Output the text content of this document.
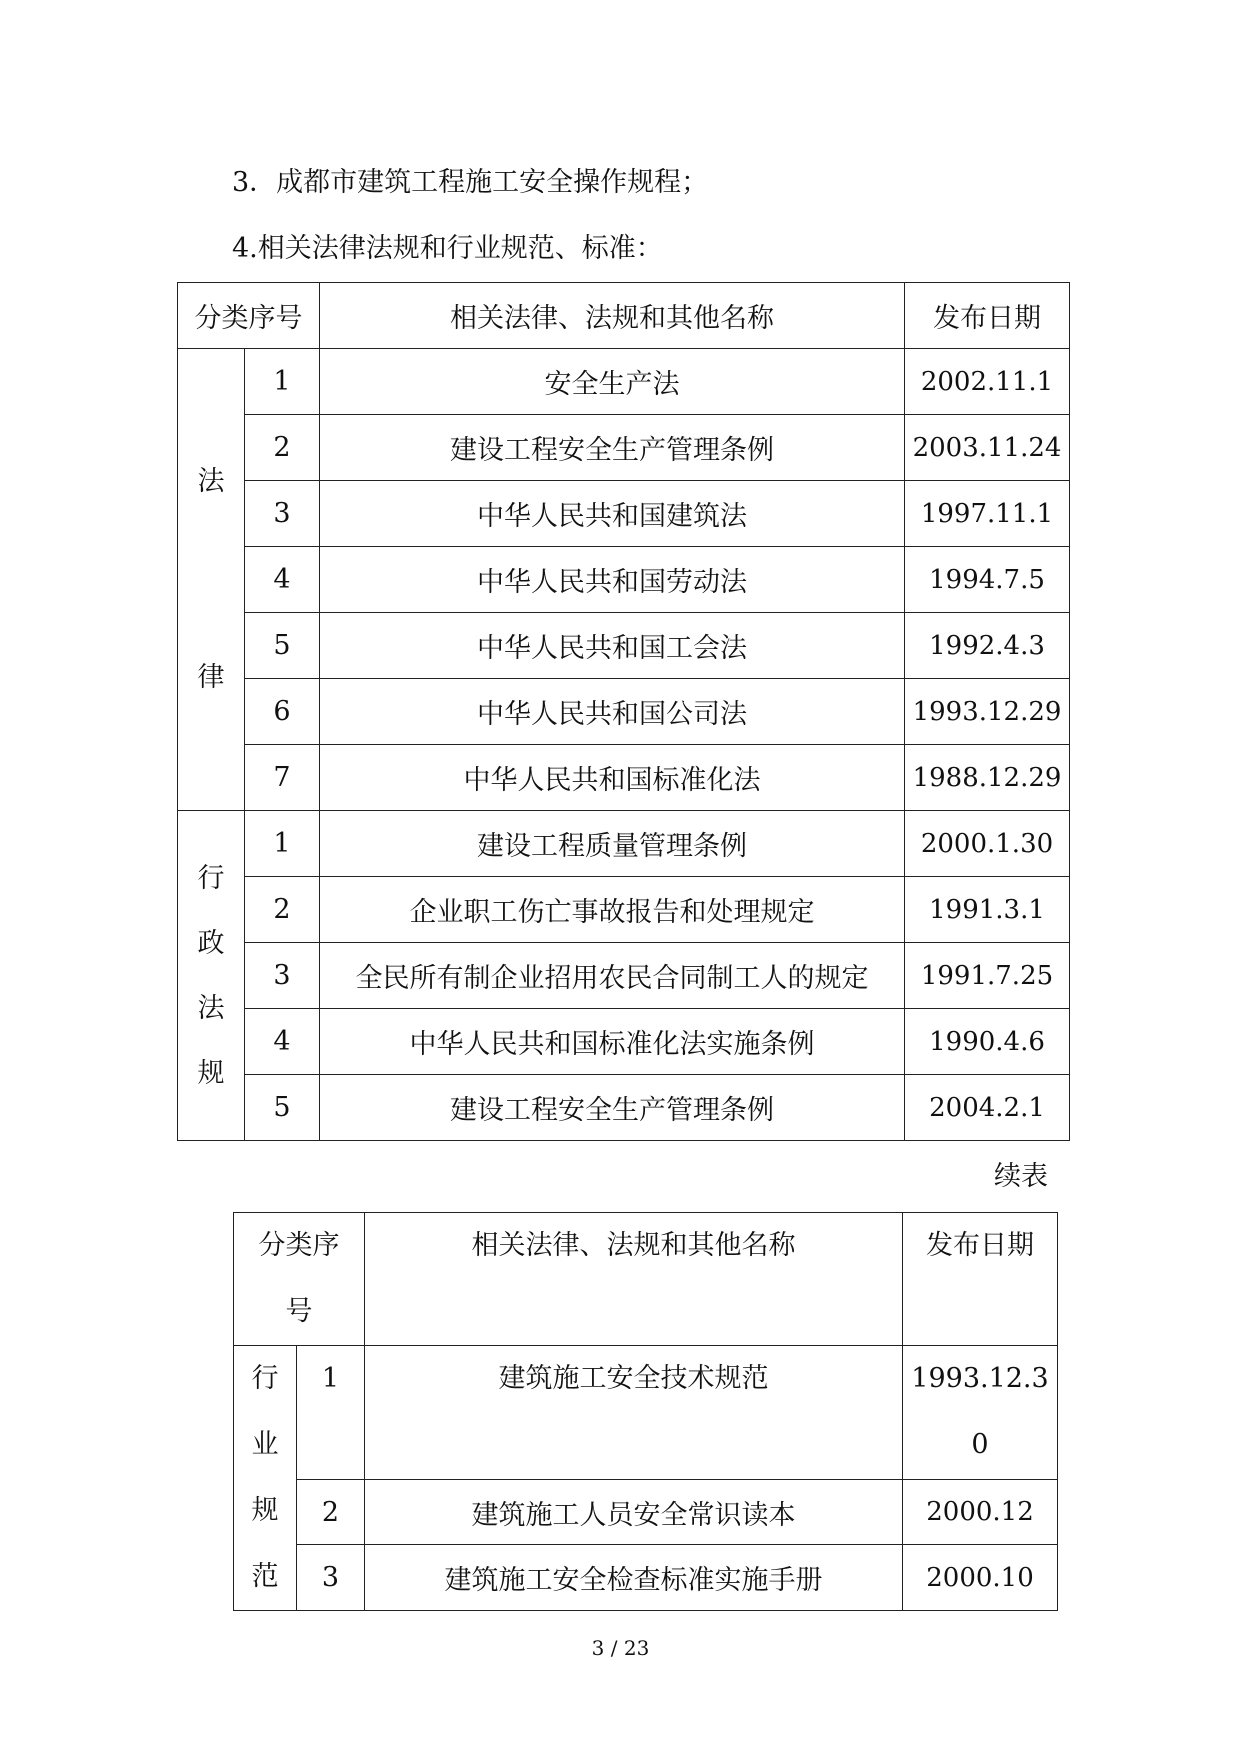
3．成都市建筑工程施工安全操作规程；
4.相关法律法规和行业规范、标准：
分类序号		相关法律、法规和其他名称	发布日期

法
律	1	安全生产法	2002.11.1
	2	建设工程安全生产管理条例	2003.11.24
	3	中华人民共和国建筑法	1997.11.1
	4	中华人民共和国劳动法	1994.7.5
	5	中华人民共和国工会法	1992.4.3
	6	中华人民共和国公司法	1993.12.29
	7	中华人民共和国标准化法	1988.12.29

行
政
法
规	1	建设工程质量管理条例	2000.1.30
	2	企业职工伤亡事故报告和处理规定	1991.3.1
	3	全民所有制企业招用农民合同制工人的规定	1991.7.25
	4	中华人民共和国标准化法实施条例	1990.4.6
	5	建设工程安全生产管理条例	2004.2.1
续表
分类序
号		相关法律、法规和其他名称	发布日期

行
业
规
范	1	建筑施工安全技术规范	1993.12.3
0

	2	建筑施工人员安全常识读本	2000.12
	3	建筑施工安全检查标准实施手册	2000.10
3 / 23
